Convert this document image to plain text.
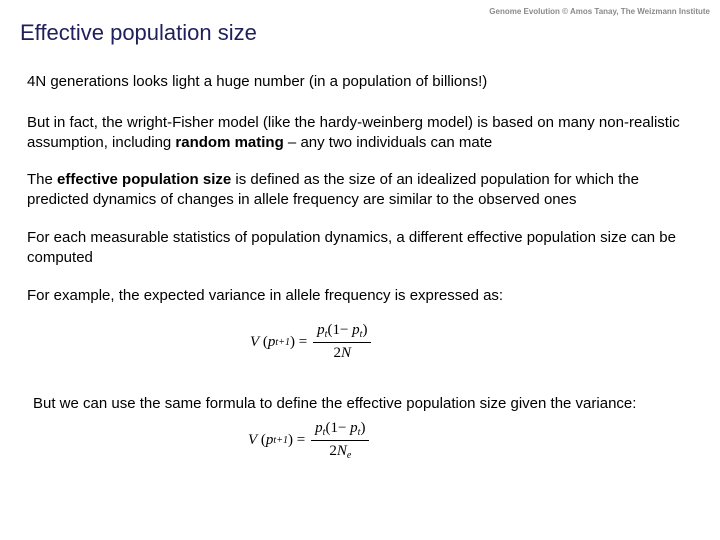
Genome Evolution © Amos Tanay, The Weizmann Institute
Effective population size
4N generations looks light a huge number (in a population of billions!)
But in fact, the wright-Fisher model (like the hardy-weinberg model) is based on many non-realistic assumption, including random mating – any two individuals can mate
The effective population size is defined as the size of an idealized population for which the predicted dynamics of changes in allele frequency are similar to the observed ones
For each measurable statistics of population dynamics, a different effective population size can be computed
For example, the expected variance in allele frequency is expressed as:
V ( p t+1 ) = $\frac{p_t(1- p_t)}{2N}$
But we can use the same formula to define the effective population size given the variance:
V ( p t+1 ) = $\frac{p_t(1- p_t)}{2N_e}$
